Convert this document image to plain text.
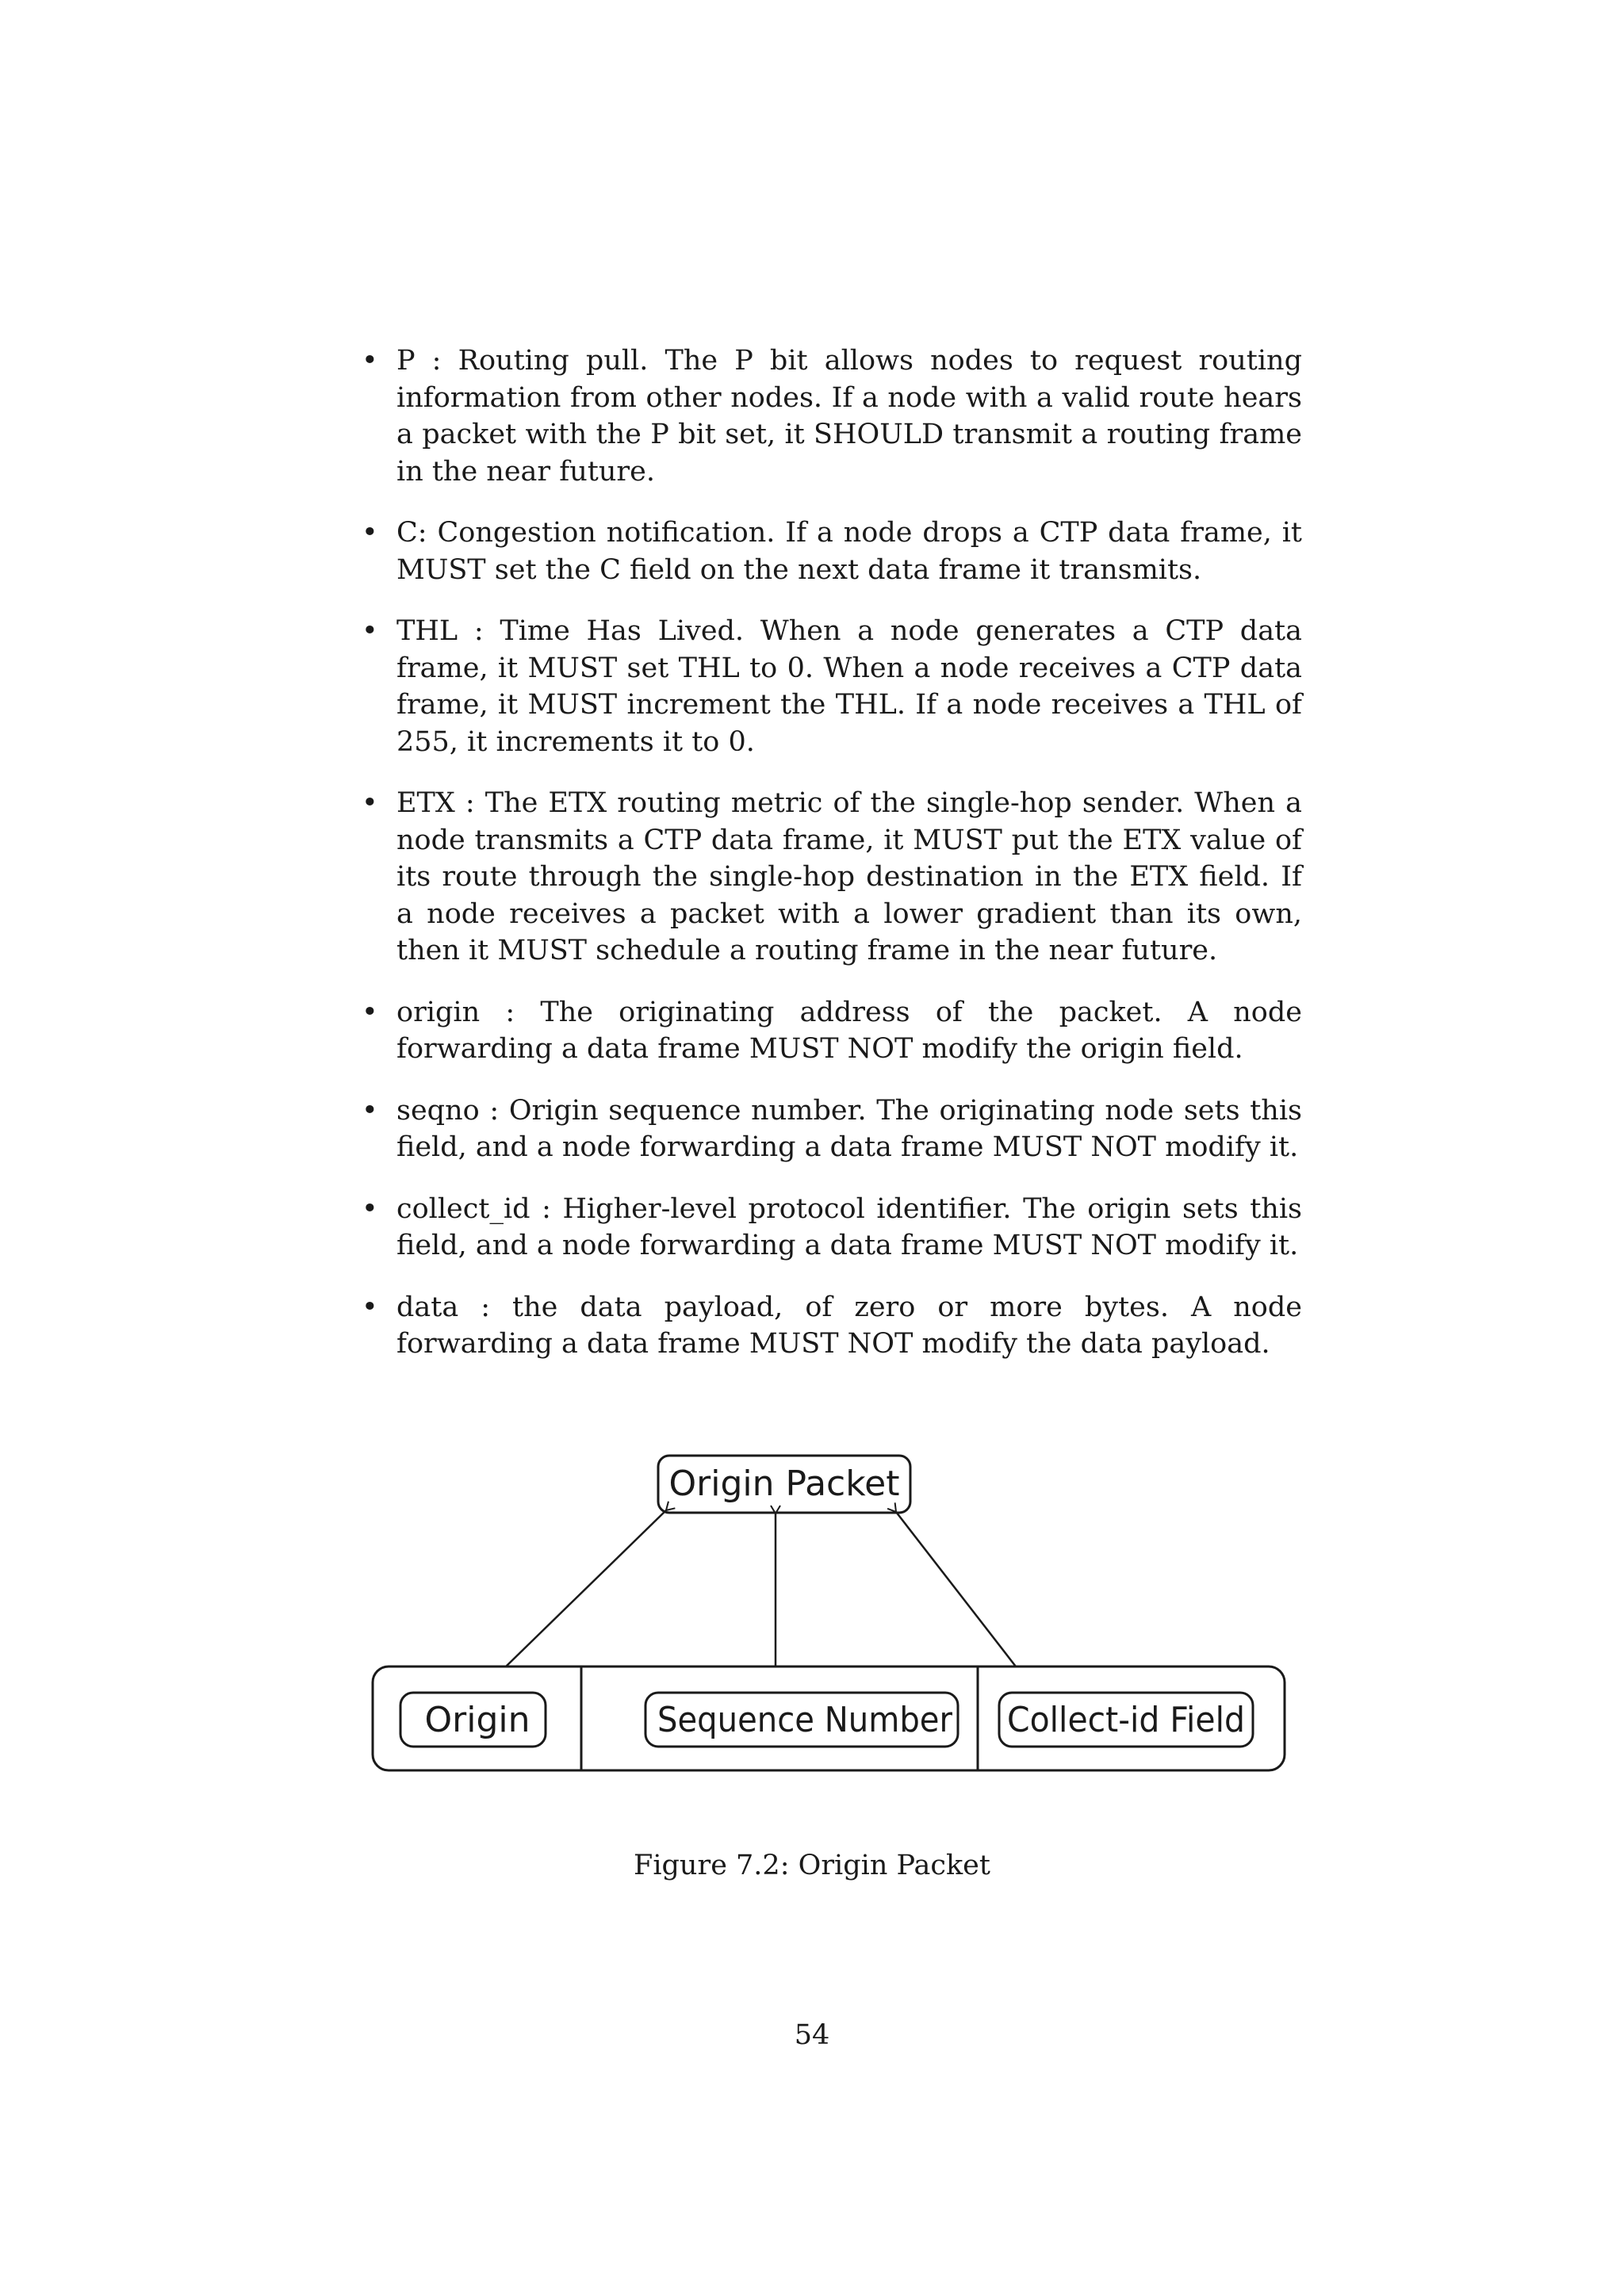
• P : Routing pull. The P bit allows nodes to request routing information from other nodes. If a node with a valid route hears a packet with the P bit set, it SHOULD transmit a routing frame in the near future.
• C: Congestion notification. If a node drops a CTP data frame, it MUST set the C field on the next data frame it transmits.
• THL : Time Has Lived. When a node generates a CTP data frame, it MUST set THL to 0. When a node receives a CTP data frame, it MUST increment the THL. If a node receives a THL of 255, it increments it to 0.
• ETX : The ETX routing metric of the single-hop sender. When a node transmits a CTP data frame, it MUST put the ETX value of its route through the single-hop destination in the ETX field. If a node receives a packet with a lower gradient than its own, then it MUST schedule a routing frame in the near future.
• origin : The originating address of the packet. A node forwarding a data frame MUST NOT modify the origin field.
• seqno : Origin sequence number. The originating node sets this field, and a node forwarding a data frame MUST NOT modify it.
• collect_id : Higher-level protocol identifier. The origin sets this field, and a node forwarding a data frame MUST NOT modify it.
• data : the data payload, of zero or more bytes. A node forwarding a data frame MUST NOT modify the data payload.
Origin Packet
Origin	Sequence Number Collect-id Field
Figure 7.2: Origin Packet
54
